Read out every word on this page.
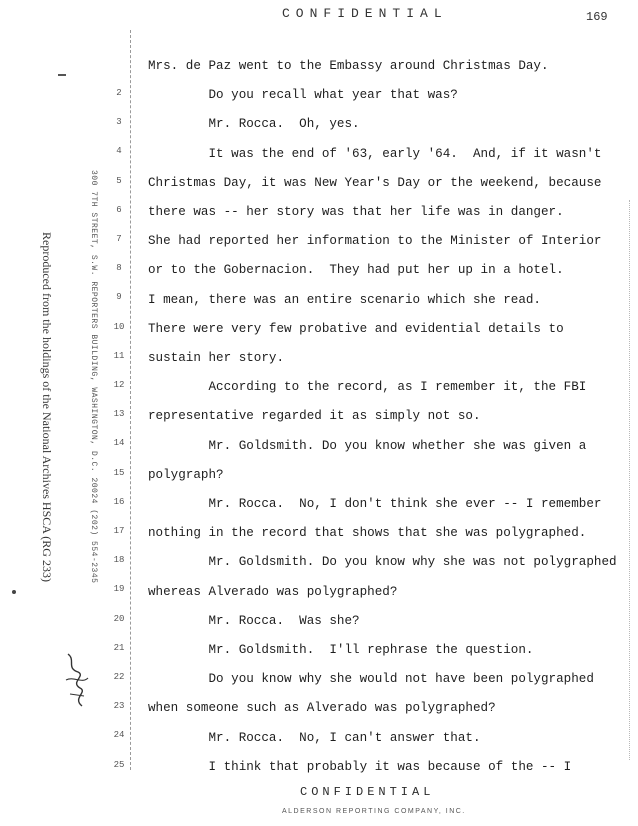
CONFIDENTIAL	169
Reproduced from the holdings of the National Archives HSCA (RG 233)	300 7TH STREET, S.W. REPORTERS BUILDING, WASHINGTON, D.C. 20024 (202) 554-2345
2
3
4
5
6
7
8
9
10
11
12
13
14
15
16
17
18
19
20
21
22
23
24
25
Mrs. de Paz went to the Embassy around Christmas Day.
Do you recall what year that was?
Mr. Rocca.  Oh, yes.
It was the end of '63, early '64.  And, if it wasn't
Christmas Day, it was New Year's Day or the weekend, because
there was -- her story was that her life was in danger.
She had reported her information to the Minister of Interior
or to the Gobernacion.  They had put her up in a hotel.
I mean, there was an entire scenario which she read.
There were very few probative and evidential details to
sustain her story.
According to the record, as I remember it, the FBI
representative regarded it as simply not so.
Mr. Goldsmith. Do you know whether she was given a
polygraph?
Mr. Rocca.  No, I don't think she ever -- I remember
nothing in the record that shows that she was polygraphed.
Mr. Goldsmith. Do you know why she was not polygraphed
whereas Alverado was polygraphed?
Mr. Rocca.  Was she?
Mr. Goldsmith.  I'll rephrase the question.
Do you know why she would not have been polygraphed
when someone such as Alverado was polygraphed?
Mr. Rocca.  No, I can't answer that.
I think that probably it was because of the -- I
CONFIDENTIAL
ALDERSON REPORTING COMPANY, INC.
